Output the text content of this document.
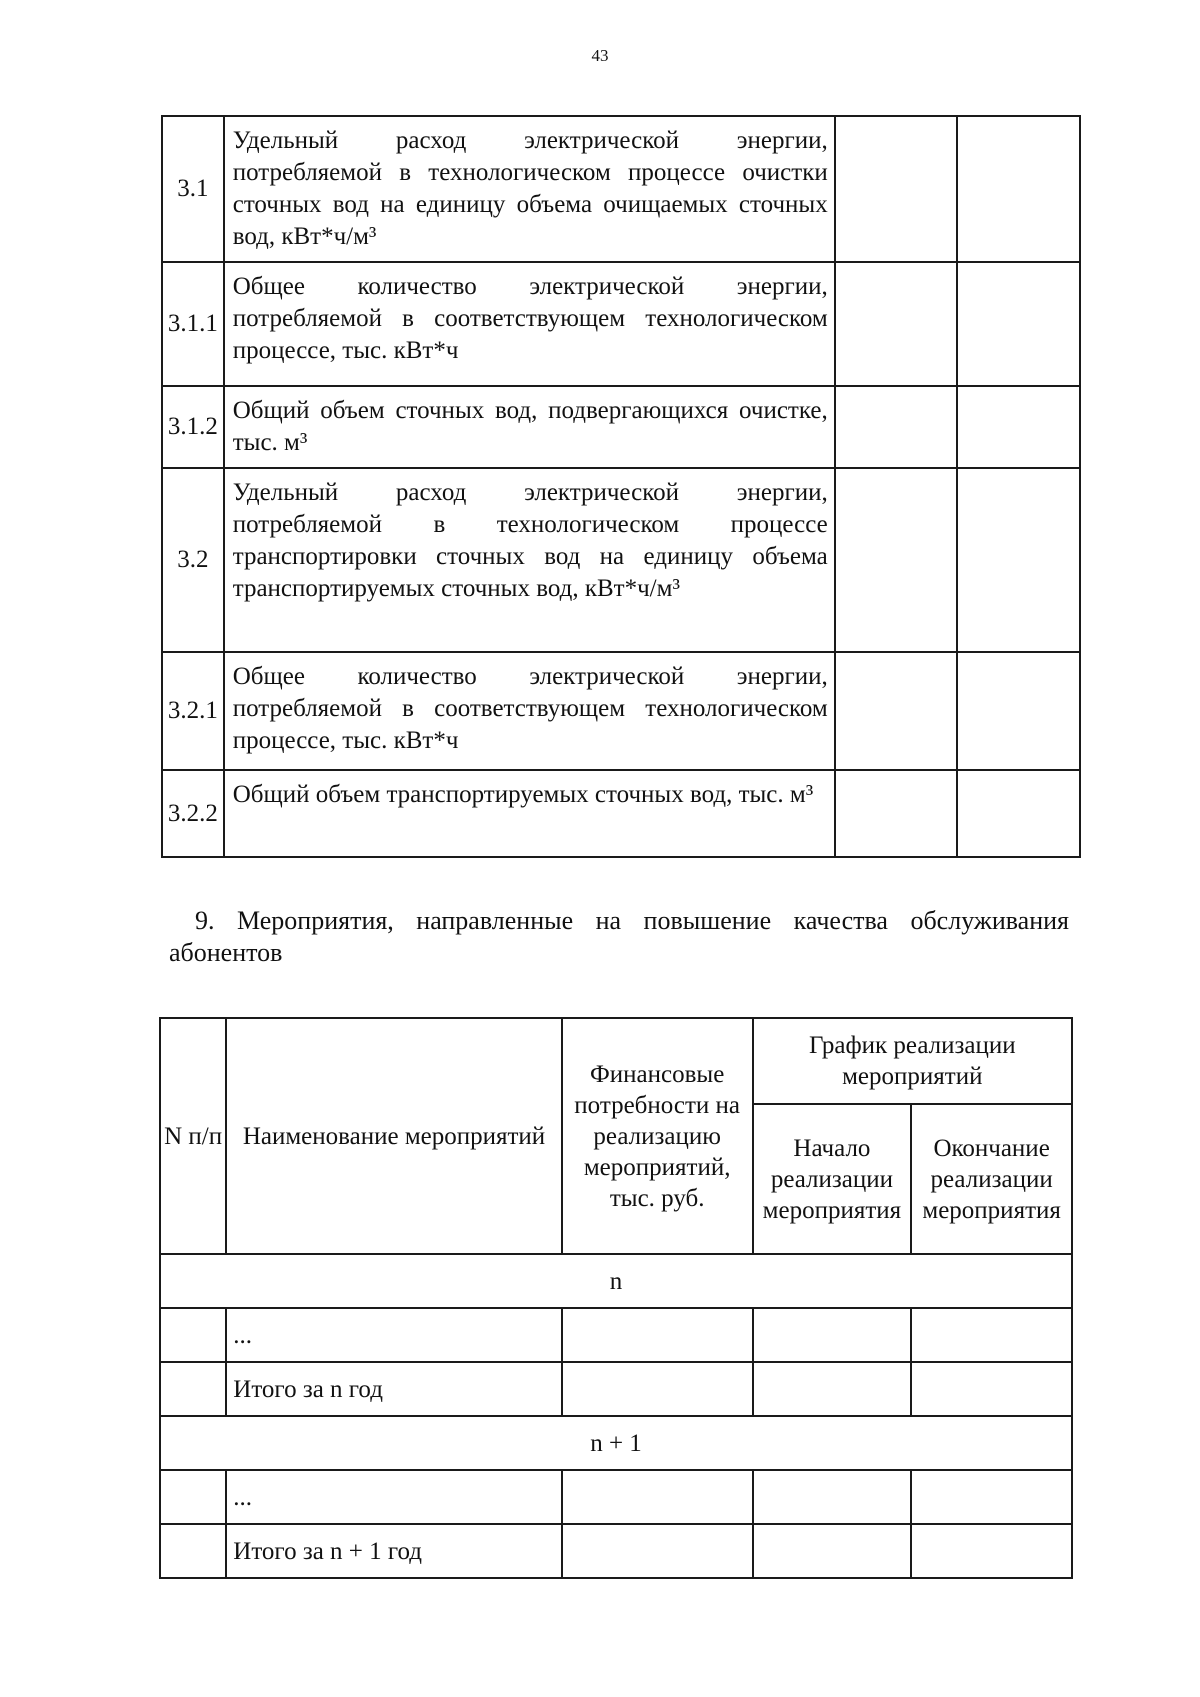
43
3.1	Удельный расход электрической энергии, потребляемой в технологическом процессе очистки сточных вод на единицу объема очищаемых сточных вод, кВт*ч/м³		
3.1.1	Общее количество электрической энергии, потребляемой в соответствующем технологическом процессе, тыс. кВт*ч		
3.1.2	Общий объем сточных вод, подвергающихся очистке, тыс. м³		
3.2	Удельный расход электрической энергии, потребляемой в технологическом процессе транспортировки сточных вод на единицу объема транспортируемых сточных вод, кВт*ч/м³		
3.2.1	Общее количество электрической энергии, потребляемой в соответствующем технологическом процессе, тыс. кВт*ч		
3.2.2	Общий объем транспортируемых сточных вод, тыс. м³		
9. Мероприятия, направленные на повышение качества обслуживания абонентов
N п/п	Наименование мероприятий	Финансовые потребности на реализацию мероприятий, тыс. руб.	График реализации мероприятий	
			Начало реализации мероприятия	Окончание реализации мероприятия
n				
	...			
	Итого за n год			
n + 1				
	...			
	Итого за n + 1 год			
